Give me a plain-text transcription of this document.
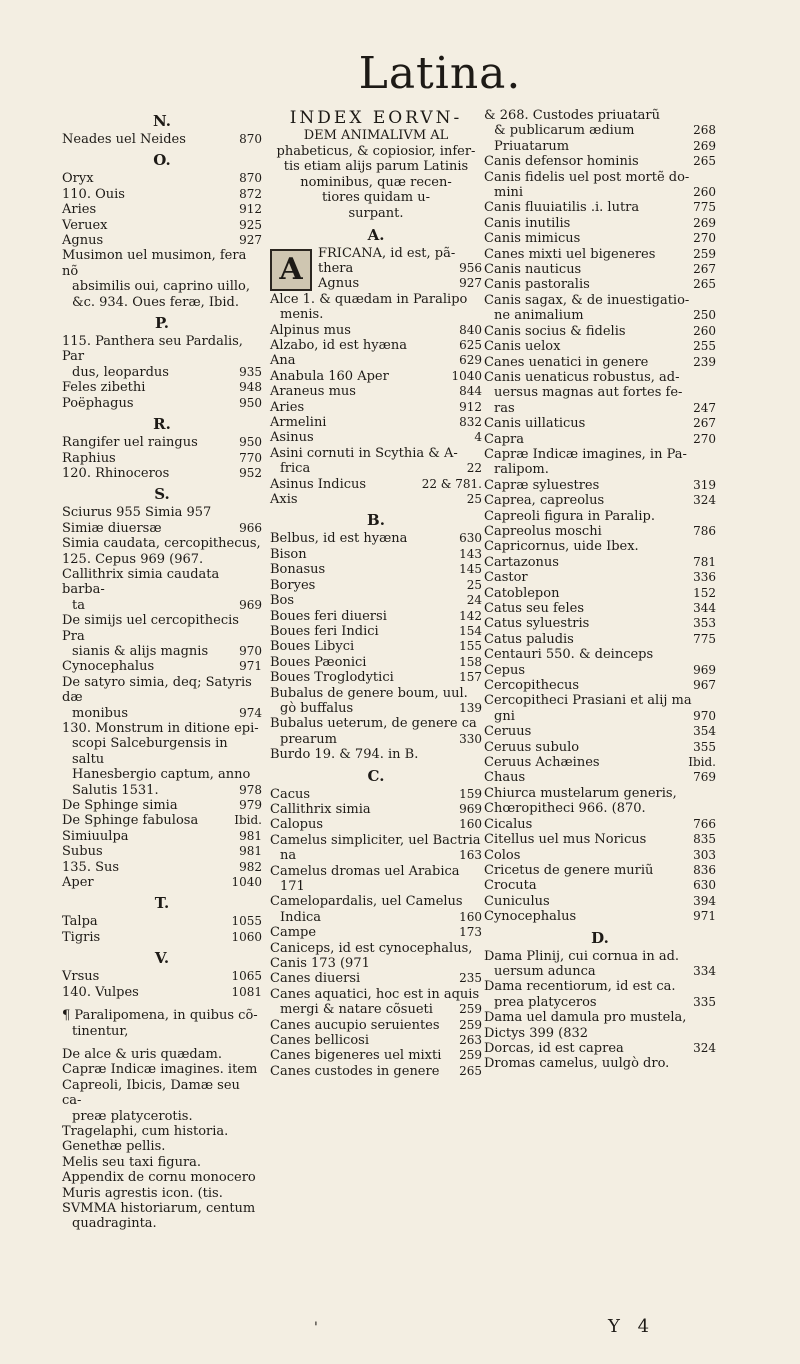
Latina.
N.
Neades uel Neides	870
O.
Oryx	870
110. Ouis	872
Aries	912
Veruex	925
Agnus	927
Musimon uel musimon, fera nõ
absimilis oui, caprino uillo,
&c. 934. Oues feræ, Ibid.
P.
115. Panthera seu Pardalis, Par
dus, leopardus	935
Feles zibethi	948
Poëphagus	950
R.
Rangifer uel raingus	950
Raphius	770
120. Rhinoceros	952
S.
Sciurus 955 Simia 957
Simiæ diuersæ	966
Simia caudata, cercopithecus,
125. Cepus 969 (967.
Callithrix simia caudata barba-
ta	969
De simijs uel cercopithecis Pra
sianis & alijs magnis	970
Cynocephalus	971
De satyro simia, deq; Satyris dæ
monibus	974
130. Monstrum in ditione epi-
scopi Salceburgensis in saltu
Hanesbergio captum, anno
Salutis 1531.	978
De Sphinge simia	979
De Sphinge fabulosa	Ibid.
Simiuulpa	981
Subus	981
135. Sus	982
Aper	1040
T.
Talpa	1055
Tigris	1060
V.
Vrsus	1065
140. Vulpes	1081
¶ Paralipomena, in quibus cõ-
tinentur,
De alce & uris quædam.
Capræ Indicæ imagines. item
Capreoli, Ibicis, Damæ seu ca-
preæ platycerotis.
Tragelaphi, cum historia.
Genethæ pellis.
Melis seu taxi figura.
Appendix de cornu monocero
Muris agrestis icon. (tis.
SVMMA historiarum, centum
quadraginta.
INDEX EORVN-
DEM ANIMALIVM AL
phabeticus, & copiosior, infer-
tis etiam alijs parum Latinis
nominibus, quæ recen-
tiores quidam u-
surpant.
A.
A	FRICANA, id est, pã-
thera	956
Agnus	927
Alce 1. & quædam in Paralipo
menis.
Alpinus mus	840
Alzabo, id est hyæna	625
Ana	629
Anabula 160 Aper	1040
Araneus mus	844
Aries	912
Armelini	832
Asinus	4
Asini cornuti in Scythia & A-
frica	22
Asinus Indicus	22 & 781.
Axis	25
B.
Belbus, id est hyæna	630
Bison	143
Bonasus	145
Boryes	25
Bos	24
Boues feri diuersi	142
Boues feri Indici	154
Boues Libyci	155
Boues Pæonici	158
Boues Troglodytici	157
Bubalus de genere boum, uul.
gò buffalus	139
Bubalus ueterum, de genere ca
prearum	330
Burdo 19. & 794. in B.
C.
Cacus	159
Callithrix simia	969
Calopus	160
Camelus simpliciter, uel Bactria
na	163
Camelus dromas uel Arabica
171
Camelopardalis, uel Camelus
Indica	160
Campe	173
Caniceps, id est cynocephalus,
Canis 173 (971
Canes diuersi	235
Canes aquatici, hoc est in aquis
mergi & natare cõsueti 259
Canes aucupio seruientes 259
Canes bellicosi	263
Canes bigeneres uel mixti 259
Canes custodes in genere 265
& 268. Custodes priuatarũ
& publicarum ædium	268
Priuatarum	269
Canis defensor hominis	265
Canis fidelis uel post mortẽ do-
mini	260
Canis fluuiatilis .i. lutra	775
Canis inutilis	269
Canis mimicus	270
Canes mixti uel bigeneres	259
Canis nauticus	267
Canis pastoralis	265
Canis sagax, & de inuestigatio-
ne animalium	250
Canis socius & fidelis	260
Canis uelox	255
Canes uenatici in genere	239
Canis uenaticus robustus, ad-
uersus magnas aut fortes fe-
ras	247
Canis uillaticus	267
Capra	270
Capræ Indicæ imagines, in Pa-
ralipom.
Capræ syluestres	319
Caprea, capreolus	324
Capreoli figura in Paralip.
Capreolus moschi	786
Capricornus, uide Ibex.
Cartazonus	781
Castor	336
Catoblepon	152
Catus seu feles	344
Catus syluestris	353
Catus paludis	775
Centauri 550. & deinceps
Cepus	969
Cercopithecus	967
Cercopitheci Prasiani et alij ma
gni	970
Ceruus	354
Ceruus subulo	355
Ceruus Achæines	Ibid.
Chaus	769
Chiurca mustelarum generis,
Chœropitheci 966. (870.
Cicalus	766
Citellus uel mus Noricus	835
Colos	303
Cricetus de genere muriũ	836
Crocuta	630
Cuniculus	394
Cynocephalus	971
D.
Dama Plinij, cui cornua in ad.
uersum adunca	334
Dama recentiorum, id est ca.
prea platyceros	335
Dama uel damula pro mustela,
Dictys 399 (832
Dorcas, id est caprea	324
Dromas camelus, uulgò dro.
'	Y 4
